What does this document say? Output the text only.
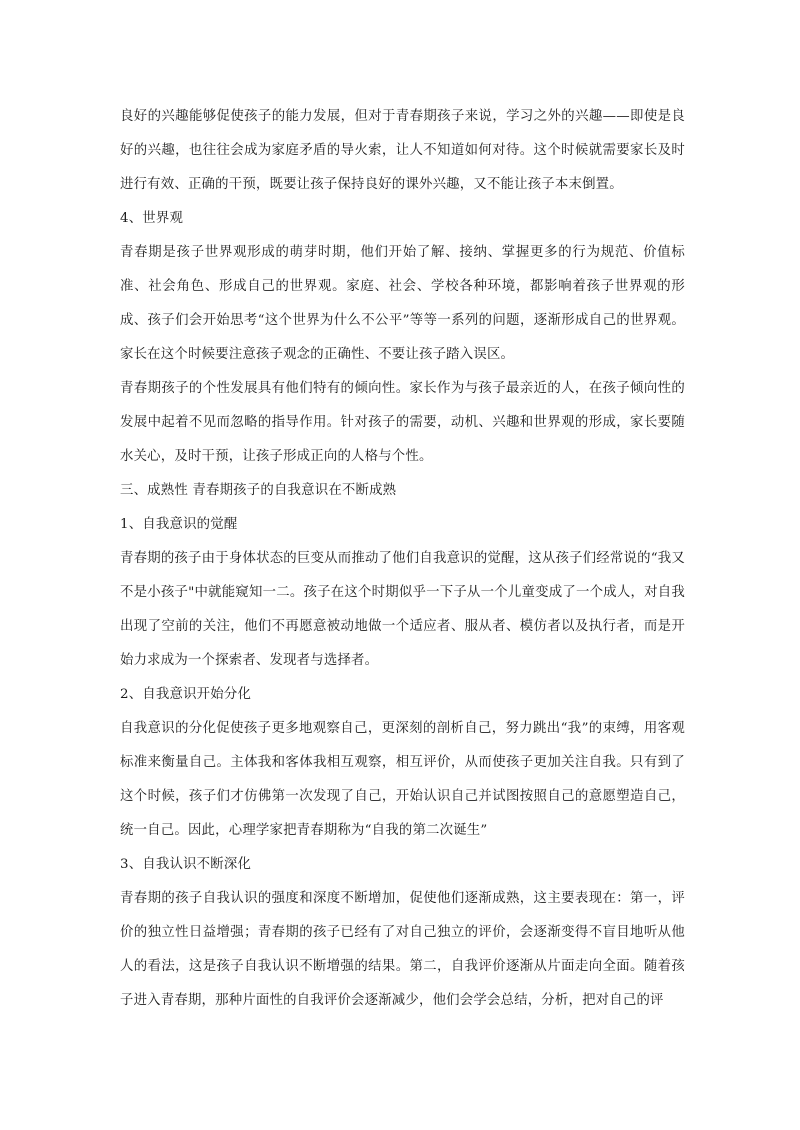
良好的兴趣能够促使孩子的能力发展，但对于青春期孩子来说，学习之外的兴趣——即使是良好的兴趣，也往往会成为家庭矛盾的导火索，让人不知道如何对待。这个时候就需要家长及时进行有效、正确的干预，既要让孩子保持良好的课外兴趣，又不能让孩子本末倒置。

4、世界观

青春期是孩子世界观形成的萌芽时期，他们开始了解、接纳、掌握更多的行为规范、价值标准、社会角色、形成自己的世界观。家庭、社会、学校各种环境，都影响着孩子世界观的形成、孩子们会开始思考“这个世界为什么不公平”等等一系列的问题，逐渐形成自己的世界观。家长在这个时候要注意孩子观念的正确性、不要让孩子踏入误区。

青春期孩子的个性发展具有他们特有的倾向性。家长作为与孩子最亲近的人，在孩子倾向性的发展中起着不见而忽略的指导作用。针对孩子的需要，动机、兴趣和世界观的形成，家长要随水关心，及时干预，让孩子形成正向的人格与个性。

三、成熟性 青春期孩子的自我意识在不断成熟

1、自我意识的觉醒

青春期的孩子由于身体状态的巨变从而推动了他们自我意识的觉醒，这从孩子们经常说的“我又不是小孩子"中就能窥知一二。孩子在这个时期似乎一下子从一个儿童变成了一个成人，对自我出现了空前的关注，他们不再愿意被动地做一个适应者、服从者、模仿者以及执行者，而是开始力求成为一个探索者、发现者与选择者。

2、自我意识开始分化

自我意识的分化促使孩子更多地观察自己，更深刻的剖析自己，努力跳出“我”的束缚，用客观标准来衡量自己。主体我和客体我相互观察，相互评价，从而使孩子更加关注自我。只有到了这个时候，孩子们才仿佛第一次发现了自己，开始认识自己并试图按照自己的意愿塑造自己，统一自己。因此，心理学家把青春期称为“自我的第二次诞生”

3、自我认识不断深化

青春期的孩子自我认识的强度和深度不断增加，促使他们逐渐成熟，这主要表现在：第一，评价的独立性日益增强；青春期的孩子已经有了对自己独立的评价，会逐渐变得不盲目地听从他人的看法，这是孩子自我认识不断增强的结果。第二，自我评价逐渐从片面走向全面。随着孩子进入青春期，那种片面性的自我评价会逐渐减少，他们会学会总结，分析，把对自己的评
